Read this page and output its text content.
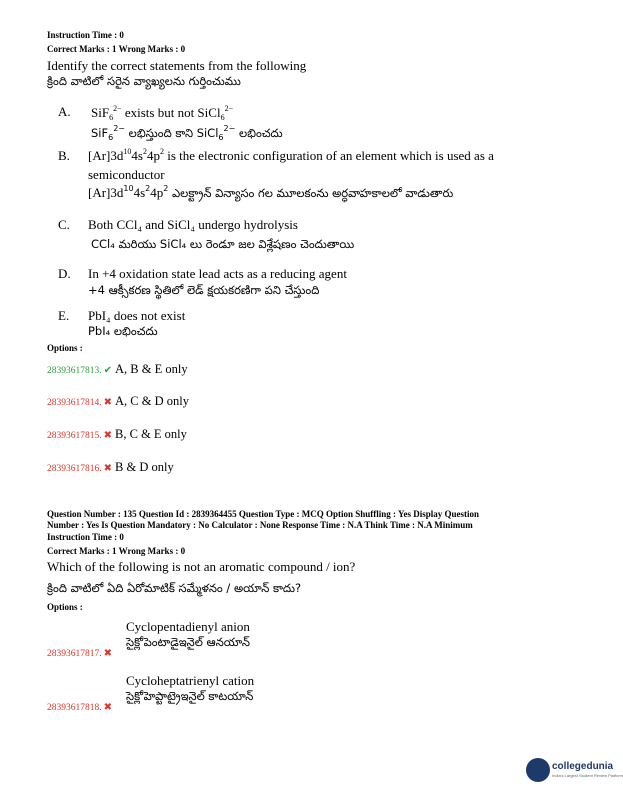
Instruction Time : 0
Correct Marks : 1 Wrong Marks : 0
Identify the correct statements from the following
క్రింది వాటిలో సరైన వ్యాఖ్యలను గుర్తించుము
A. SiF$_6^{2-}$ exists but not SiCl$_6^{2-}$
SiF$_6^{2-}$ లభిస్తుంది కాని SiCl$_6^{2-}$ లభించదు
B. $[Ar]3d^{10}4s^24p^2$ is the electronic configuration of an element which is used as a
semiconductor
$[Ar]3d^{10}4s^24p^2$ ఎలక్ట్రాన్ విన్యాసం గల మూలకంను అర్ధవాహకాలలో వాడుతారు
C. Both CCl₄ and SiCl₄ undergo hydrolysis
CCl₄ మరియు SiCl₄ లు రెండూ జల విశ్లేషణం చెందుతాయి
D. In +4 oxidation state lead acts as a reducing agent
+4 ఆక్సీకరణ స్థితిలో లెడ్ క్షయకరణిగా పని చేస్తుంది
E. PbI₄ does not exist
PbI₄ లభించదు
Options :
28393617813. ✔ A, B & E only
28393617814. ✖ A, C & D only
28393617815. ✖ B, C & E only
28393617816. ✖ B & D only
Question Number : 135 Question Id : 2839364455 Question Type : MCQ Option Shuffling : Yes Display Question
Number : Yes Is Question Mandatory : No Calculator : None Response Time : N.A Think Time : N.A Minimum
Instruction Time : 0
Correct Marks : 1 Wrong Marks : 0
Which of the following is not an aromatic compound / ion?
క్రింది వాటిలో ఏది ఏరోమాటిక్ సమ్మేళనం / అయాన్ కాదు?
Options :
Cyclopentadienyl anion
సైక్లోపెంటాడైఇనైల్ ఆనయాన్
28393617817. ✖
Cycloheptatrienyl cation
సైక్లోహెప్టాట్రైఇనైల్ కాటయాన్
28393617818. ✖
collegedunia
India's Largest Student Review Platform
